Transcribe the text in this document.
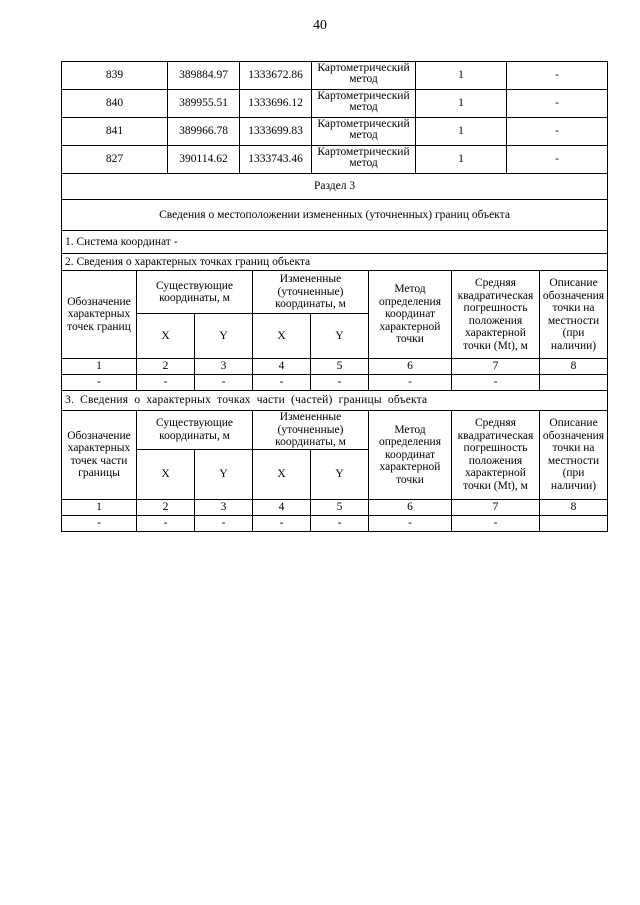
40
839	389884.97	1333672.86	Картометрический метод	1	-
840	389955.51	1333696.12	Картометрический метод	1	-
841	389966.78	1333699.83	Картометрический метод	1	-
827	390114.62	1333743.46	Картометрический метод	1	-
Раздел 3							
Сведения о местоположении измененных (уточненных) границ объекта							
1. Система координат -							
2. Сведения о характерных точках границ объекта							
Обозначение характерных точек границ	Существующие координаты, м		Измененные (уточненные) координаты, м		Метод определения координат характерной точки	Средняя квадратическая погрешность положения характерной точки (Mt), м	Описание обозначения точки на местности (при наличии)
	X	Y	X	Y			
1	2	3	4	5	6	7	8
-	-	-	-	-	-	-	
3. Сведения о характерных точках части (частей) границы объекта							
Обозначение характерных точек части границы	Существующие координаты, м		Измененные (уточненные) координаты, м		Метод определения координат характерной точки	Средняя квадратическая погрешность положения характерной точки (Mt), м	Описание обозначения точки на местности (при наличии)
	X	Y	X	Y			
1	2	3	4	5	6	7	8
-	-	-	-	-	-	-	
